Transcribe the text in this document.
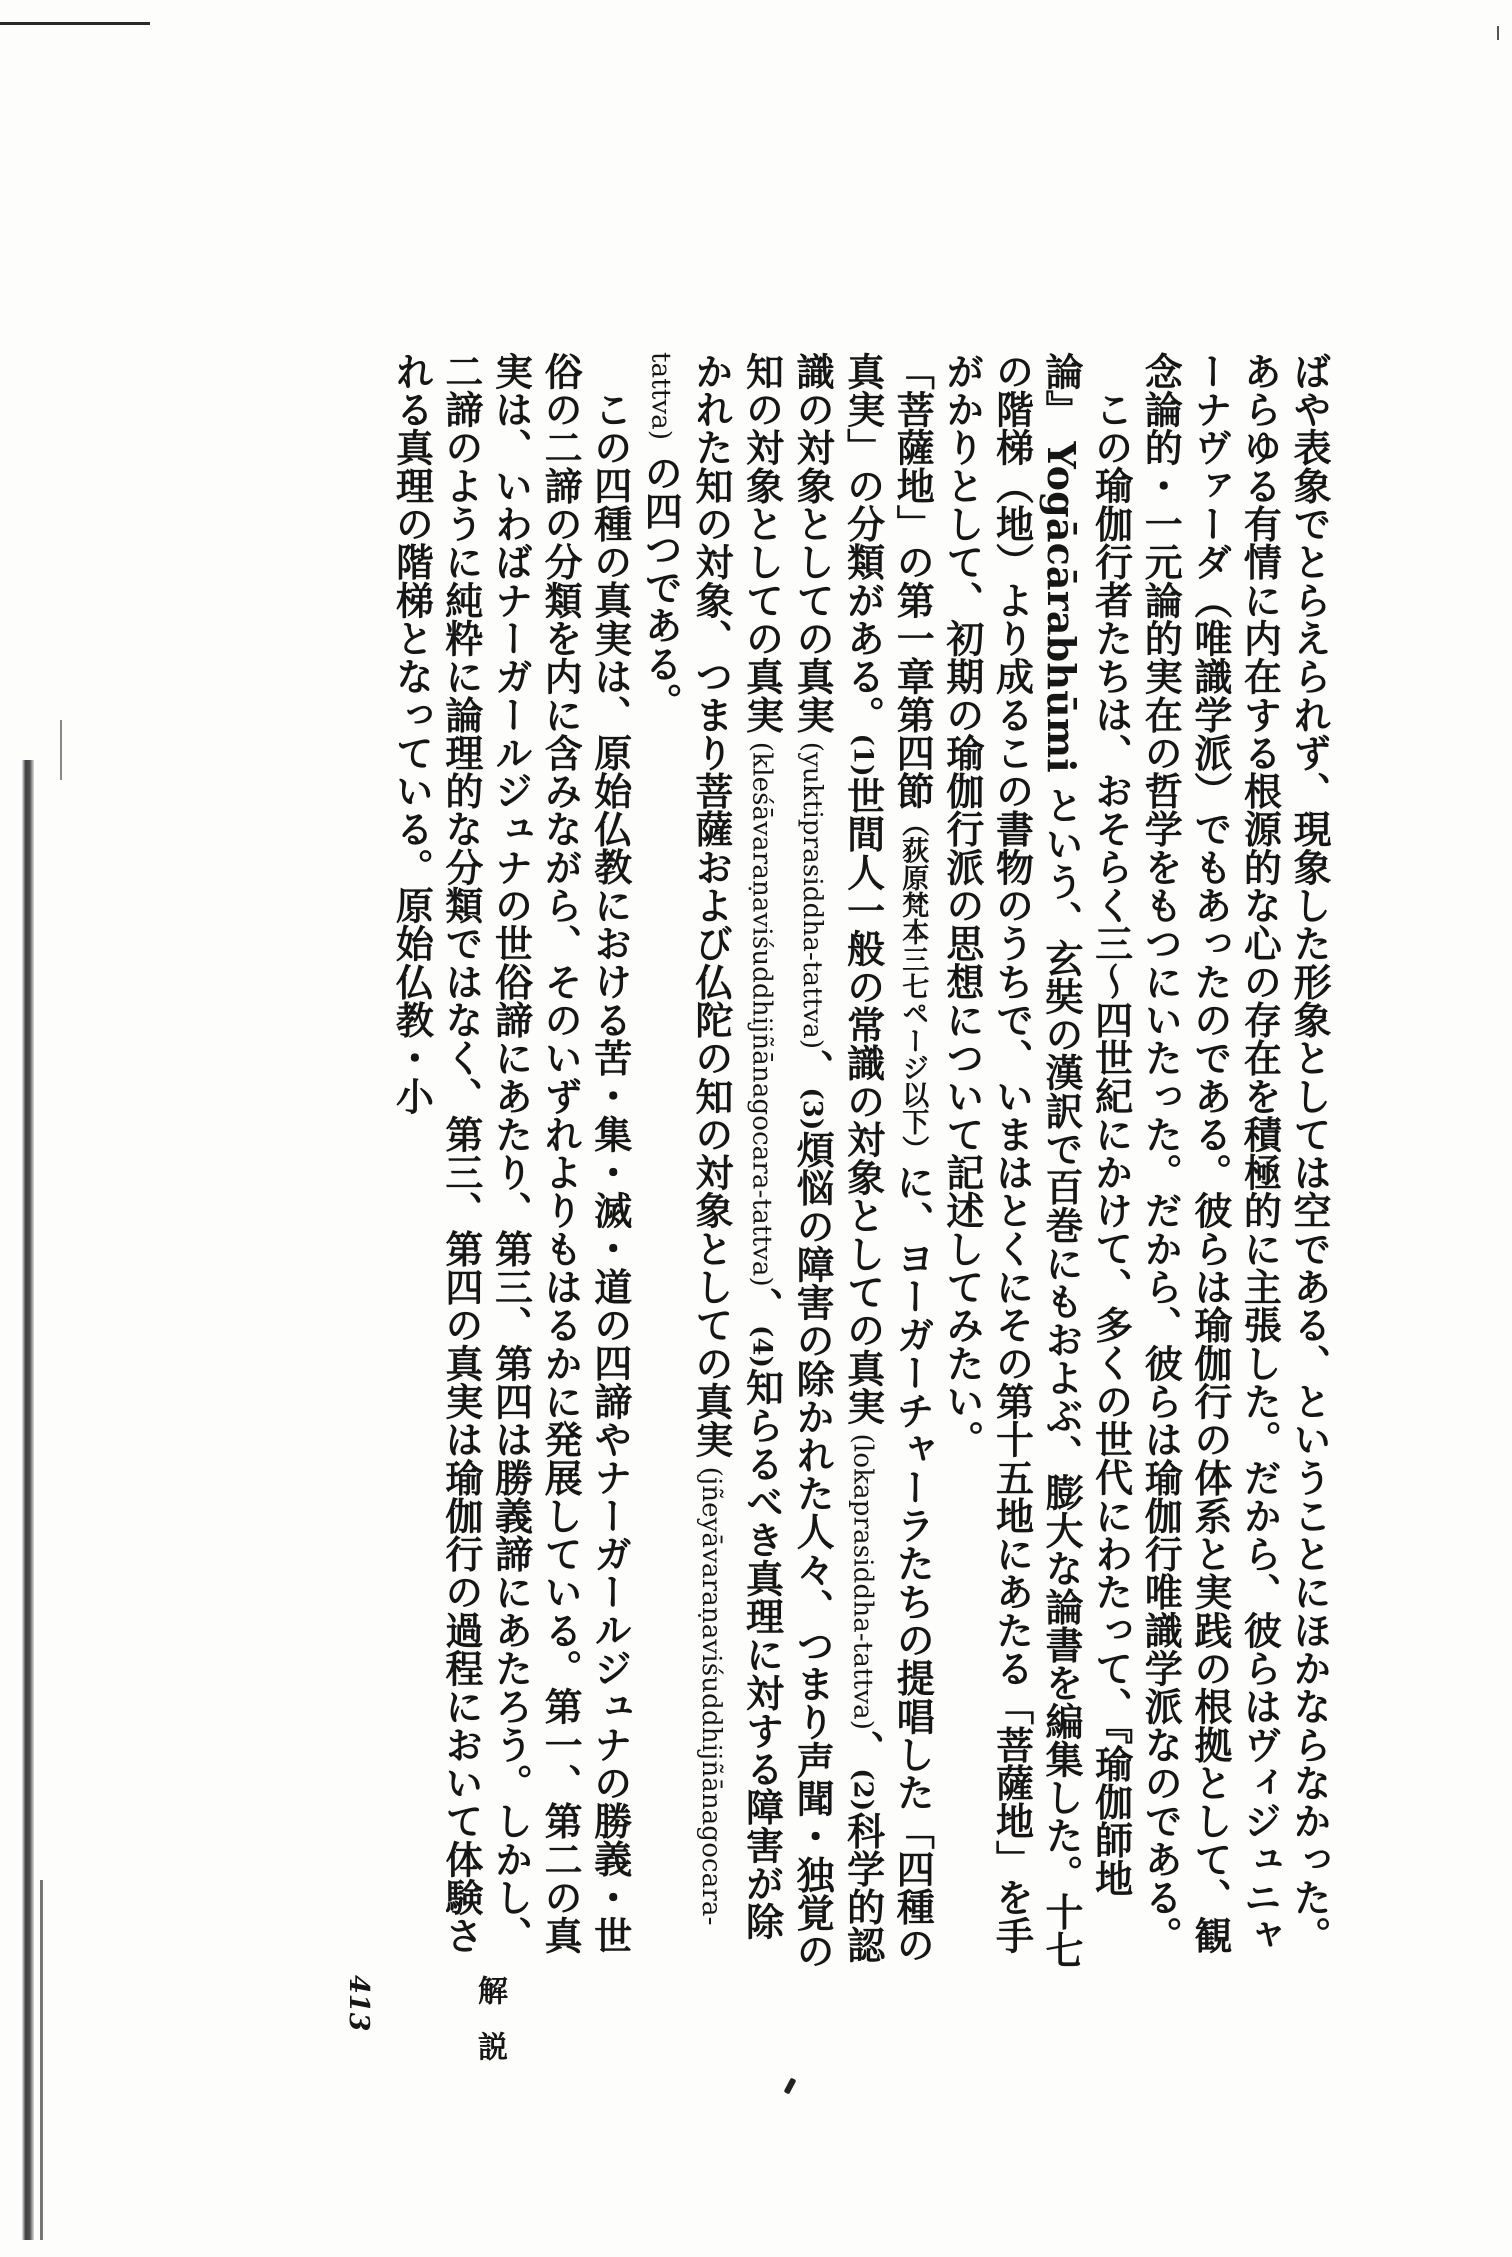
ばや表象でとらえられず、現象した形象としては空である、ということにほかならなかった。あらゆる有情に内在する根源的な心の存在を積極的に主張した。だから、彼らはヴィジュニャーナヴァーダ（唯識学派）でもあったのである。彼らは瑜伽行の体系と実践の根拠として、観念論的・一元論的実在の哲学をもつにいたった。だから、彼らは瑜伽行唯識学派なのである。

この瑜伽行者たちは、おそらく三〜四世紀にかけて、多くの世代にわたって、『瑜伽師地論』 Yogācārabhūmi という、玄奘の漢訳で百巻にもおよぶ、膨大な論書を編集した。十七の階梯（地）より成るこの書物のうちで、いまはとくにその第十五地にあたる「菩薩地」を手がかりとして、初期の瑜伽行派の思想について記述してみたい。

「菩薩地」の第一章第四節（荻原梵本三七ページ以下）に、ヨーガーチャーラたちの提唱した「四種の真実」の分類がある。(1)世間人一般の常識の対象としての真実 (lokaprasiddha-tattva)、(2)科学的認識の対象としての真実 (yuktiprasiddha-tattva)、(3)煩悩の障害の除かれた人々、つまり声聞・独覚の知の対象としての真実 (kleśāvaraṇaviśuddhijñānagocara-tattva)、(4)知らるべき真理に対する障害が除かれた知の対象、つまり菩薩および仏陀の知の対象としての真実 (jñeyāvaraṇaviśuddhijñānagocara-tattva) の四つである。

この四種の真実は、原始仏教における苦・集・滅・道の四諦やナーガールジュナの勝義・世俗の二諦の分類を内に含みながら、そのいずれよりもはるかに発展している。第一、第二の真実は、いわばナーガールジュナの世俗諦にあたり、第三、第四は勝義諦にあたろう。しかし、二諦のように純粋に論理的な分類ではなく、第三、第四の真実は瑜伽行の過程において体験される真理の階梯となっている。原始仏教・小

413	解説
